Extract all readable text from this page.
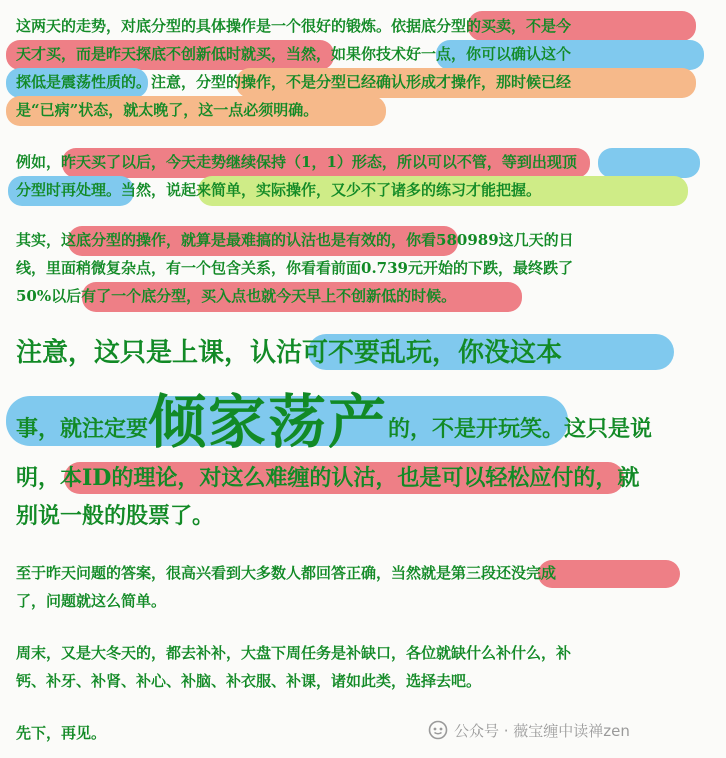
这两天的走势，对底分型的具体操作是一个很好的锻炼。依据底分型的买卖，不是今

天才买，而是昨天探底不创新低时就买，当然，如果你技术好一点，你可以确认这个

探低是震荡性质的。注意，分型的操作，不是分型已经确认形成才操作，那时候已经

是“已病”状态，就太晚了，这一点必须明确。

例如，昨天买了以后，今天走势继续保持（1，1）形态，所以可以不管，等到出现顶

分型时再处理。当然，说起来简单，实际操作，又少不了诸多的练习才能把握。

其实，这底分型的操作，就算是最难搞的认沽也是有效的，你看580989这几天的日

线，里面稍微复杂点，有一个包含关系，你看看前面0.739元开始的下跌，最终跌了

50%以后有了一个底分型，买入点也就今天早上不创新低的时候。

注意，这只是上课，认沽可不要乱玩，你没这本

事，就注定要倾家荡产的，不是开玩笑。这只是说

明，本ID的理论，对这么难缠的认沽，也是可以轻松应付的，就

别说一般的股票了。

至于昨天问题的答案，很高兴看到大多数人都回答正确，当然就是第三段还没完成

了，问题就这么简单。

周末，又是大冬天的，都去补补，大盘下周任务是补缺口，各位就缺什么补什么，补

钙、补牙、补肾、补心、补脑、补衣服、补课，诸如此类，选择去吧。

先下，再见。	公众号 · 薇宝缠中读禅zen
